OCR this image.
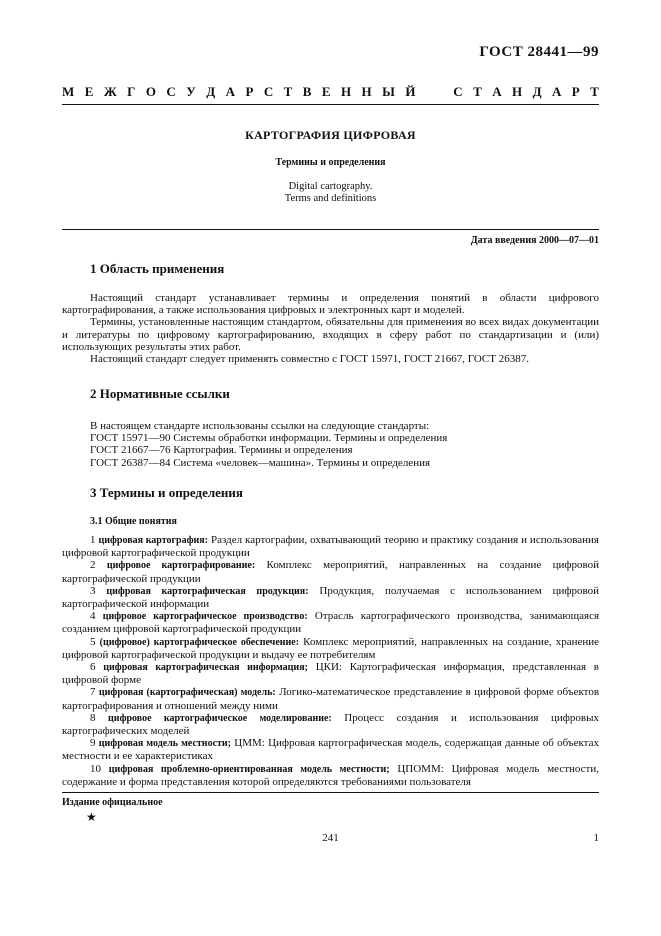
ГОСТ 28441—99
М Е Ж Г О С У Д А Р С Т В Е Н Н Ы Й

	С Т А Н Д А Р Т
КАРТОГРАФИЯ ЦИФРОВАЯ
Термины и определения
Digital cartography.
Terms and definitions
Дата введения 2000—07—01

1 Область применения

Настоящий стандарт устанавливает термины и определения понятий в области цифрового картографирования, а также использования цифровых и электронных карт и моделей.

Термины, установленные настоящим стандартом, обязательны для применения во всех видах документации и литературы по цифровому картографированию, входящих в сферу работ по стандартизации и (или) использующих результаты этих работ.

Настоящий стандарт следует применять совместно с ГОСТ 15971, ГОСТ 21667, ГОСТ 26387.

2 Нормативные ссылки

В настоящем стандарте использованы ссылки на следующие стандарты:

ГОСТ 15971—90 Системы обработки информации. Термины и определения

ГОСТ 21667—76 Картография. Термины и определения

ГОСТ 26387—84 Система «человек—машина». Термины и определения

3 Термины и определения

3.1 Общие понятия

1 цифровая картография: Раздел картографии, охватывающий теорию и практику создания и использования цифровой картографической продукции

2 цифровое картографирование: Комплекс мероприятий, направленных на создание цифровой картографической продукции

3 цифровая картографическая продукция: Продукция, получаемая с использованием цифровой картографической информации

4 цифровое картографическое производство: Отрасль картографического производства, занимающаяся созданием цифровой картографической продукции

5 (цифровое) картографическое обеспечение: Комплекс мероприятий, направленных на создание, хранение цифровой картографической продукции и выдачу ее потребителям

6 цифровая картографическая информация; ЦКИ: Картографическая информация, представленная в цифровой форме

7 цифровая (картографическая) модель: Логико-математическое представление в цифровой форме объектов картографирования и отношений между ними

8 цифровое картографическое моделирование: Процесс создания и использования цифровых картографических моделей

9 цифровая модель местности; ЦММ: Цифровая картографическая модель, содержащая данные об объектах местности и ее характеристиках

10 цифровая проблемно-ориентированная модель местности; ЦПОММ: Цифровая модель местности, содержание и форма представления которой определяются требованиями пользователя

Издание официальное
★
241	1
